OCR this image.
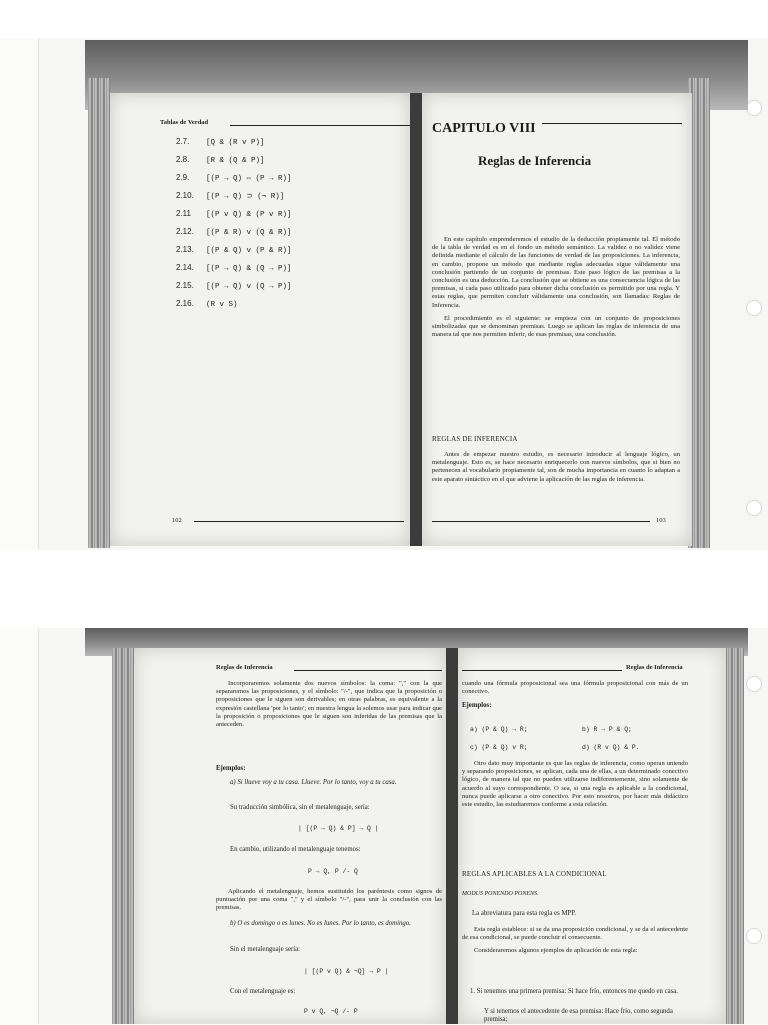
Tablas de Verdad
2.7. [Q & (R v P)]
2.8. [R & (Q & P)]
2.9. [(P → Q) ⇔ (P → R)]
2.10. [(P → Q) ⊃ (¬ R)]
2.11 [(P v Q) & (P v R)]
2.12. [(P & R) v (Q & R)]
2.13. [(P & Q) v (P & R)]
2.14. [(P → Q) & (Q → P)]
2.15. [(P → Q) v (Q → P)]
2.16. (R v S)
102
CAPITULO VIII
Reglas de Inferencia

En este capítulo emprenderemos el estudio de la deducción propiamente tal. El método de la tabla de verdad es en el fondo un método semántico. La validez o no validez viene definida mediante el cálculo de las funciones de verdad de las proposiciones. La inferencia, en cambio, propone un método que mediante reglas adecuadas sigue válidamente una conclusión partiendo de un conjunto de premisas. Este paso lógico de las premisas a la conclusión es una deducción. La conclusión que se obtiene es una consecuencia lógica de las premisas, si cada paso utilizado para obtener dicha conclusión es permitido por una regla. Y estas reglas, que permiten concluir válidamente una conclusión, son llamadas: Reglas de Inferencia.

El procedimiento es el siguiente: se empieza con un conjunto de proposiciones simbolizadas que se denominan premisas. Luego se aplican las reglas de inferencia de una manera tal que nos permiten inferir, de esas premisas, una conclusión.

REGLAS DE INFERENCIA

Antes de empezar nuestro estudio, es necesario introducir al lenguaje lógico, un metalenguaje. Esto es, se hace necesario enriquecerlo con nuevos símbolos, que si bien no pertenecen al vocabulario propiamente tal, son de mucha importancia en cuanto lo adaptan a este aparato sintáctico en el que adviene la aplicación de las reglas de inferencia.

103
Reglas de Inferencia

Incorporaremos solamente dos nuevos símbolos: la coma: "," con la que separaremos las proposiciones, y el símbolo: "/-", que indica que la proposición o proposiciones que le siguen son derivables; en otras palabras, es equivalente a la expresión castellana 'por lo tanto'; en nuestra lengua la solemos usar para indicar que la proposición o proposiciones que le siguen son inferidas de las premisas que la anteceden.

Ejemplos:
a) Si llueve voy a tu casa. Llueve. Por lo tanto, voy a tu casa.
Su traducción simbólica, sin el metalenguaje, sería:
| [(P → Q) & P] → Q |
En cambio, utilizando el metalenguaje tenemos:
P → Q, P /- Q

Aplicando el metalenguaje, hemos sustituido los paréntesis como signos de puntuación por una coma "," y el símbolo "/-", para unir la conclusión con las premisas.

b) O es domingo o es lunes. No es lunes. Por lo tanto, es domingo.
Sin el metalenguaje sería:
| [(P v Q) & ¬Q] → P |
Con el metalenguaje es:
P v Q, ¬Q /- P
Reglas de Inferencia

cuando una fórmula proposicional sea una fórmula proposicional con más de un conectivo.

Ejemplos:
a) (P & Q) → R;	b) R → P & Q;
c) (P & Q) v R;	d) (R v Q) & P.

Otro dato muy importante es que las reglas de inferencia, como operan uniendo y separando proposiciones, se aplican, cada una de ellas, a un determinado conectivo lógico, de manera tal que no pueden utilizarse indiferentemente, sino solamente de acuerdo al suyo correspondiente. O sea, si una regla es aplicable a la condicional, nunca puede aplicarse a otro conectivo. Por esto nosotros, por hacer más didáctico este estudio, las estudiaremos conforme a esta relación.

REGLAS APLICABLES A LA CONDICIONAL
MODUS PONENDO PONENS.
La abreviatura para esta regla es MPP.

Esta regla establece: si se da una proposición condicional, y se da el antecedente de esa condicional, se puede concluir el consecuente.

Consideraremos algunos ejemplos de aplicación de esta regla:

1. Si tenemos una primera premisa: Si hace frío, entonces me quedo en casa.
Y si tenemos el antecedente de esa premisa: Hace frío, como segunda premisa;
